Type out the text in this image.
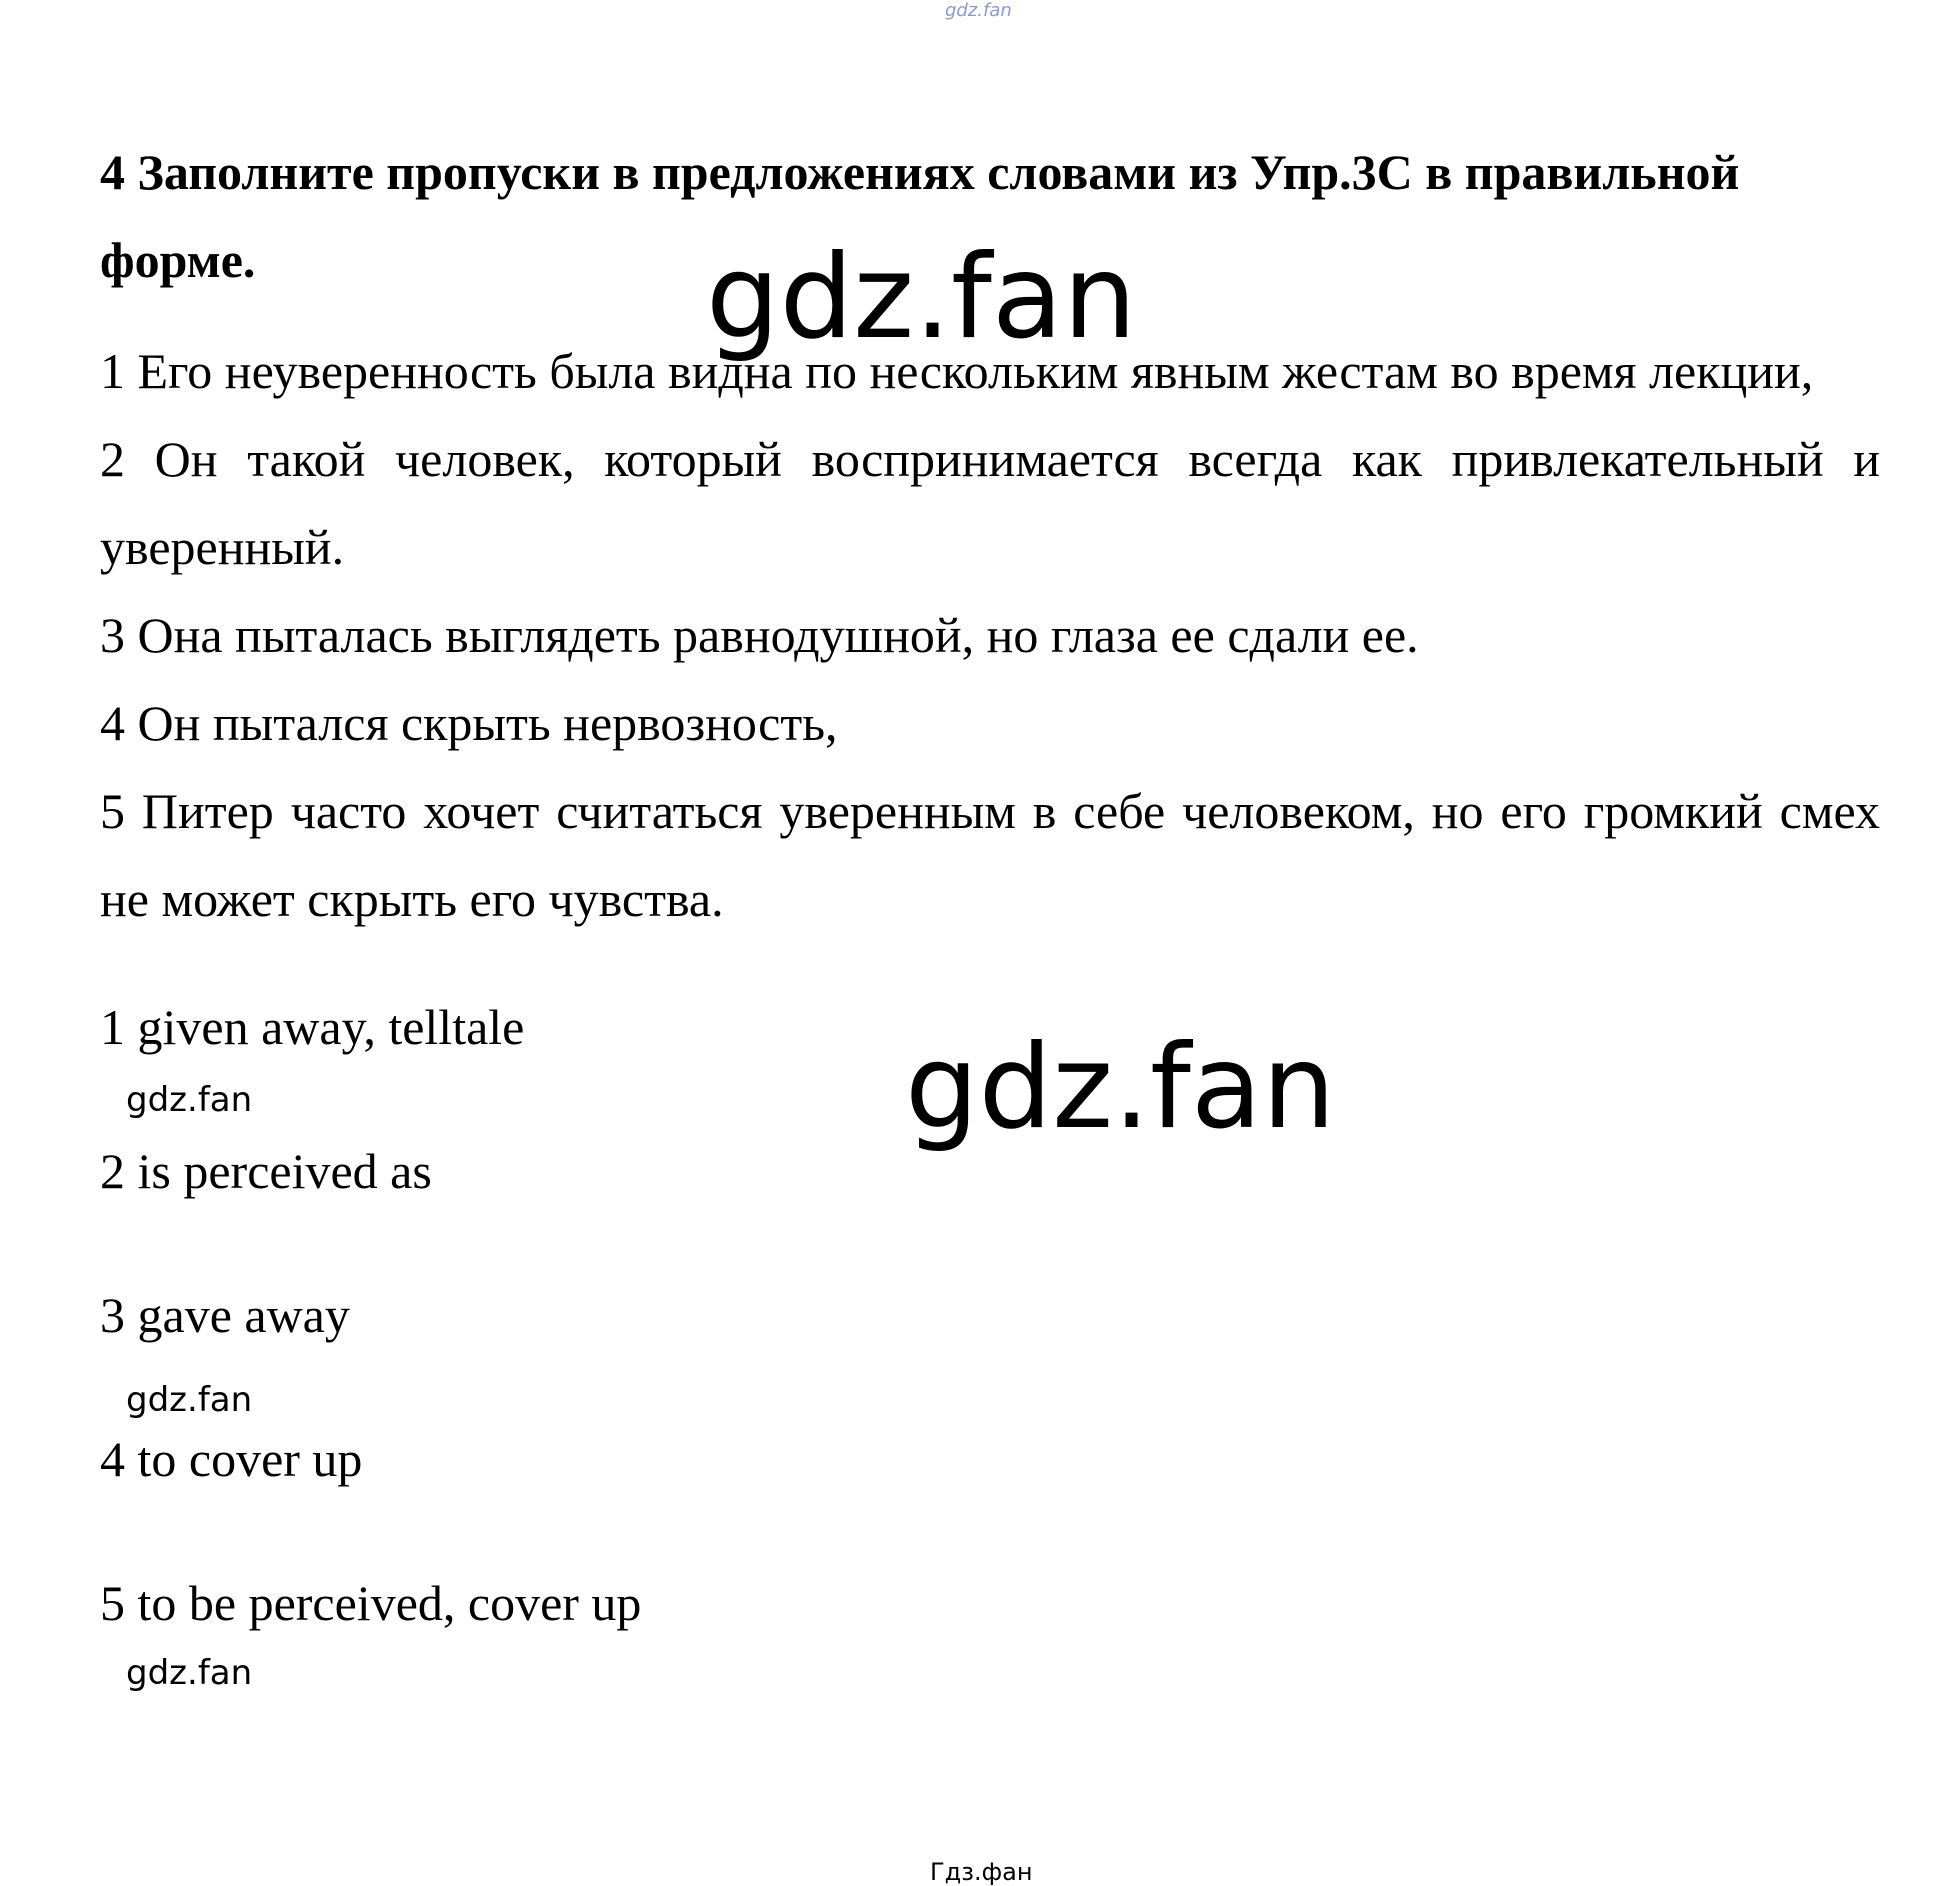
gdz.fan

4 Заполните пропуски в предложениях словами из Упр.3С в правильной форме.

1 Его неуверенность была видна по нескольким явным жестам во время лекции,

2 Он такой человек, который воспринимается всегда как привлекательный и уверенный.

3 Она пыталась выглядеть равнодушной, но глаза ее сдали ее.

4 Он пытался скрыть нервозность,

5 Питер часто хочет считаться уверенным в себе человеком, но его громкий смех не может скрыть его чувства.

1 given away, telltale

2 is perceived as

3 gave away

4 to cover up

5 to be perceived, cover up

gdz.fan
gdz.fan
gdz.fan
gdz.fan
gdz.fan
Гдз.фан
